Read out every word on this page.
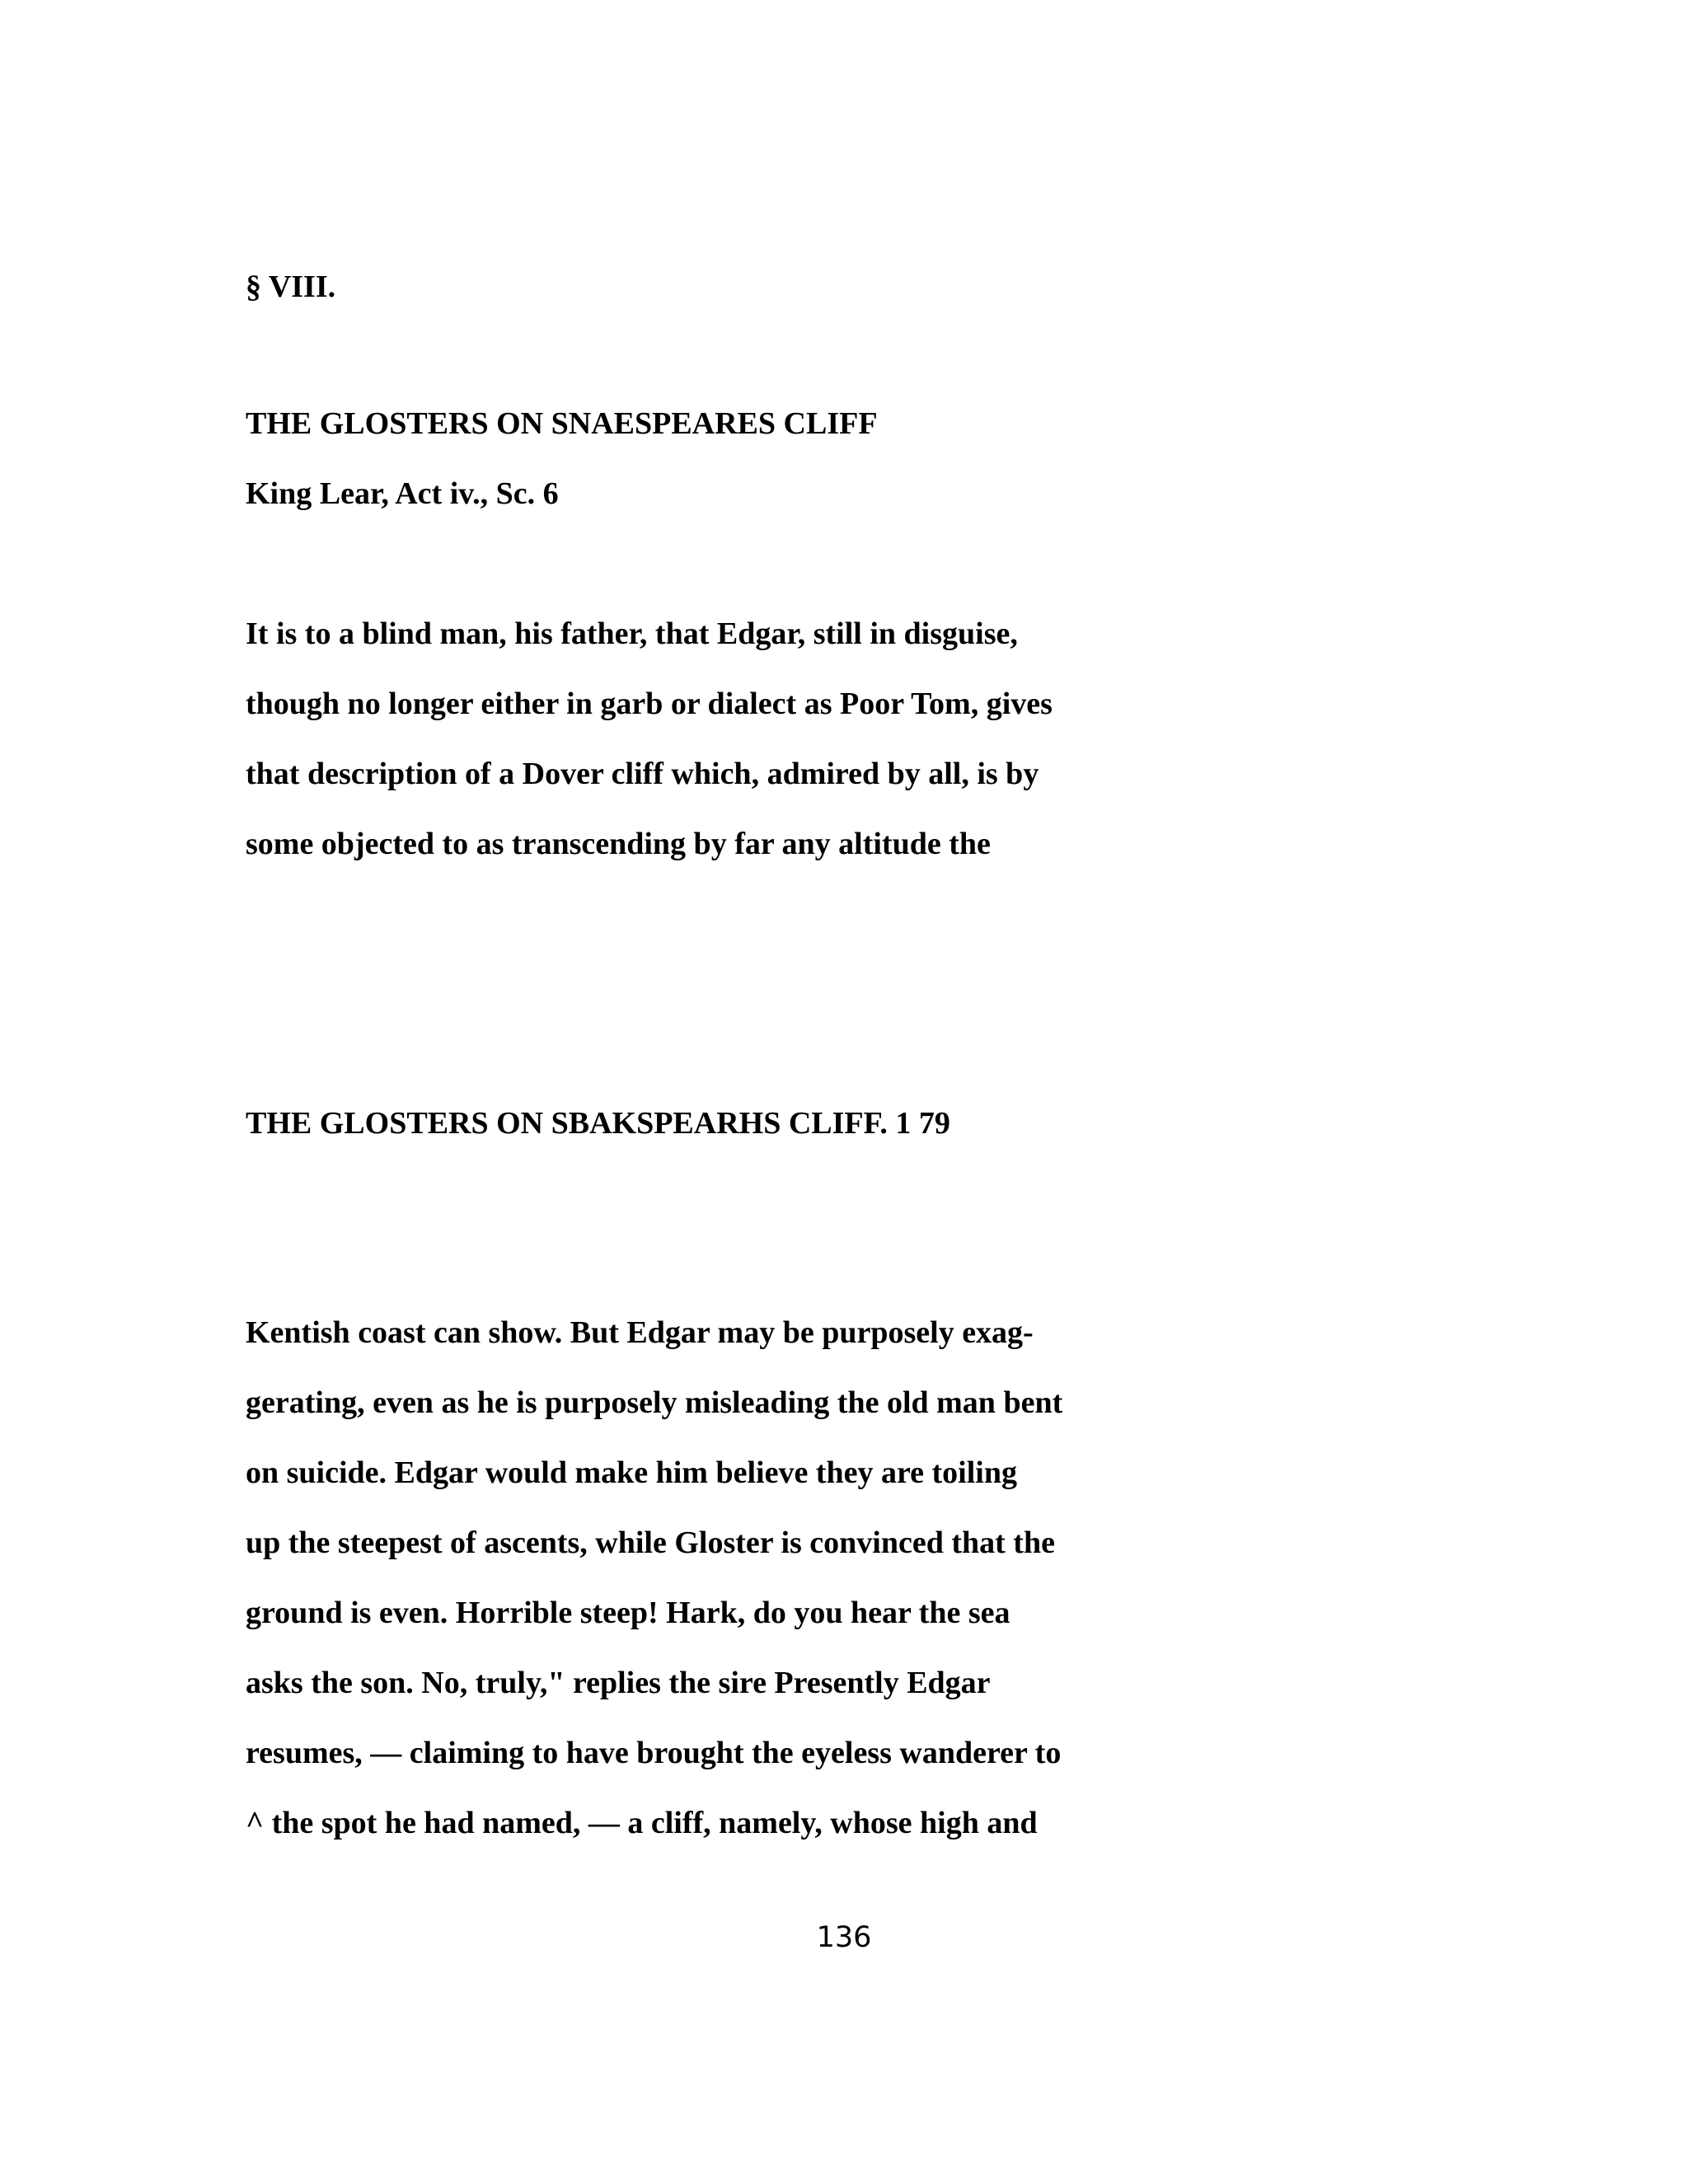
§ VIII.

THE GLOSTERS ON SNAESPEARES CLIFF

King Lear, Act iv., Sc. 6

It is to a blind man, his father, that Edgar, still in disguise,

though no longer either in garb or dialect as Poor Tom, gives

that description of a Dover cliff which, admired by all, is by

some objected to as transcending by far any altitude the

THE GLOSTERS ON SBAKSPEARHS CLIFF. 1 79

Kentish coast can show. But Edgar may be purposely exag-

gerating, even as he is purposely misleading the old man bent

on suicide. Edgar would make him believe they are toiling

up the steepest of ascents, while Gloster is convinced that the

ground is even. Horrible steep! Hark, do you hear the sea

asks the son. No, truly," replies the sire Presently Edgar

resumes, — claiming to have brought the eyeless wanderer to

^ the spot he had named, — a cliff, namely, whose high and

136
